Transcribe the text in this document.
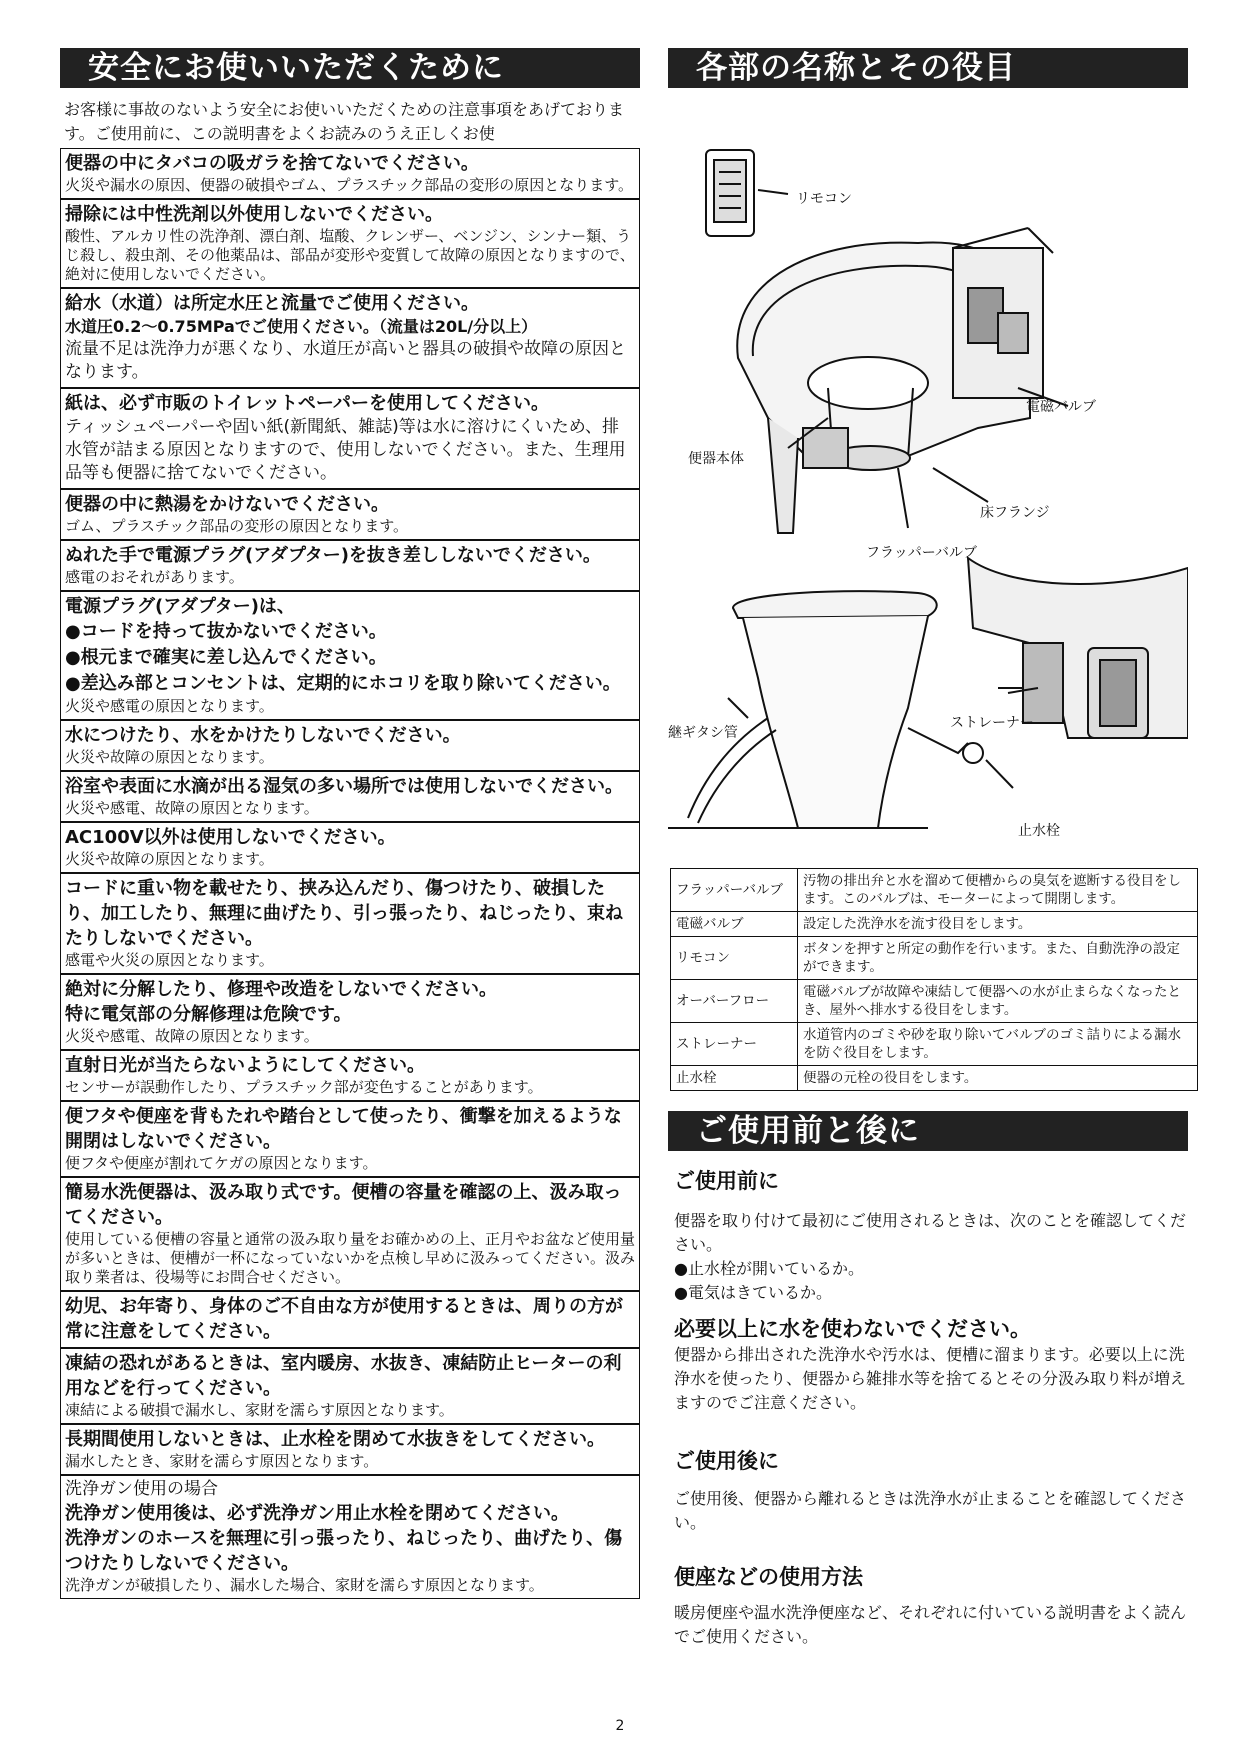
安全にお使いいただくために
お客様に事故のないよう安全にお使いいただくための注意事項をあげております。ご使用前に、この説明書をよくお読みのうえ正しくお使
便器の中にタバコの吸ガラを捨てないでください。
火災や漏水の原因、便器の破損やゴム、プラスチック部品の変形の原因となります。
掃除には中性洗剤以外使用しないでください。
酸性、アルカリ性の洗浄剤、漂白剤、塩酸、クレンザー、ベンジン、シンナー類、うじ殺し、殺虫剤、その他薬品は、部品が変形や変質して故障の原因となりますので、絶対に使用しないでください。
給水（水道）は所定水圧と流量でご使用ください。
水道圧0.2～0.75MPaでご使用ください。（流量は20L/分以上）
流量不足は洗浄力が悪くなり、水道圧が高いと器具の破損や故障の原因となります。
紙は、必ず市販のトイレットペーパーを使用してください。
ティッシュペーパーや固い紙(新聞紙、雑誌)等は水に溶けにくいため、排水管が詰まる原因となりますので、使用しないでください。また、生理用品等も便器に捨てないでください。
便器の中に熱湯をかけないでください。
ゴム、プラスチック部品の変形の原因となります。
ぬれた手で電源プラグ(アダプター)を抜き差ししないでください。
感電のおそれがあります。
電源プラグ(アダプター)は、
●コードを持って抜かないでください。
●根元まで確実に差し込んでください。
●差込み部とコンセントは、定期的にホコリを取り除いてください。
火災や感電の原因となります。
水につけたり、水をかけたりしないでください。
火災や故障の原因となります。
浴室や表面に水滴が出る湿気の多い場所では使用しないでください。
火災や感電、故障の原因となります。
AC100V以外は使用しないでください。
火災や故障の原因となります。
コードに重い物を載せたり、挟み込んだり、傷つけたり、破損したり、加工したり、無理に曲げたり、引っ張ったり、ねじったり、束ねたりしないでください。
感電や火災の原因となります。
絶対に分解したり、修理や改造をしないでください。
特に電気部の分解修理は危険です。
火災や感電、故障の原因となります。
直射日光が当たらないようにしてください。
センサーが誤動作したり、プラスチック部が変色することがあります。
便フタや便座を背もたれや踏台として使ったり、衝撃を加えるような開閉はしないでください。
便フタや便座が割れてケガの原因となります。
簡易水洗便器は、汲み取り式です。便槽の容量を確認の上、汲み取ってください。
使用している便槽の容量と通常の汲み取り量をお確かめの上、正月やお盆など使用量が多いときは、便槽が一杯になっていないかを点検し早めに汲みってください。汲み取り業者は、役場等にお問合せください。
幼児、お年寄り、身体のご不自由な方が使用するときは、周りの方が常に注意をしてください。
凍結の恐れがあるときは、室内暖房、水抜き、凍結防止ヒーターの利用などを行ってください。
凍結による破損で漏水し、家財を濡らす原因となります。
長期間使用しないときは、止水栓を閉めて水抜きをしてください。
漏水したとき、家財を濡らす原因となります。
洗浄ガン使用の場合
洗浄ガン使用後は、必ず洗浄ガン用止水栓を閉めてください。
洗浄ガンのホースを無理に引っ張ったり、ねじったり、曲げたり、傷つけたりしないでください。
洗浄ガンが破損したり、漏水した場合、家財を濡らす原因となります。
各部の名称とその役目
リモコン
電磁バルブ
便器本体
床フランジ
フラッパーバルブ
継ギタシ管
ストレーナー
止水栓
フラッパーバルブ	汚物の排出弁と水を溜めて便槽からの臭気を遮断する役目をします。このバルブは、モーターによって開閉します。
電磁バルブ	設定した洗浄水を流す役目をします。
リモコン	ボタンを押すと所定の動作を行います。また、自動洗浄の設定ができます。
オーバーフロー	電磁バルブが故障や凍結して便器への水が止まらなくなったとき、屋外へ排水する役目をします。
ストレーナー	水道管内のゴミや砂を取り除いてバルブのゴミ詰りによる漏水を防ぐ役目をします。
止水栓	便器の元栓の役目をします。
ご使用前と後に
ご使用前に
便器を取り付けて最初にご使用されるときは、次のことを確認してください。
●止水栓が開いているか。
●電気はきているか。
必要以上に水を使わないでください。
便器から排出された洗浄水や汚水は、便槽に溜まります。必要以上に洗浄水を使ったり、便器から雑排水等を捨てるとその分汲み取り料が増えますのでご注意ください。
ご使用後に
ご使用後、便器から離れるときは洗浄水が止まることを確認してください。
便座などの使用方法
暖房便座や温水洗浄便座など、それぞれに付いている説明書をよく読んでご使用ください。
2
